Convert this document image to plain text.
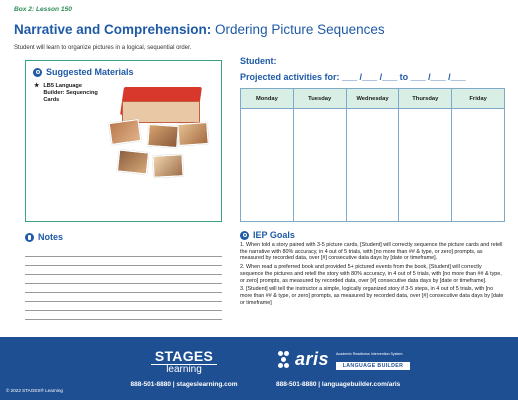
Box 2: Lesson 150
Narrative and Comprehension: Ordering Picture Sequences
Student will learn to organize pictures in a logical, sequential order.
Suggested Materials
★ LB5 Language Builder: Sequencing Cards
Student:
Projected activities for: ___ /___ /___ to ___ /___ /___
Monday	Tuesday	Wednesday	Thursday	Friday

Notes	IEP Goals

1. When told a story paired with 3-5 picture cards, [Student] will correctly sequence the picture cards and retell the narrative with 80% accuracy, in 4 out of 5 trials, with [no more than ## & type, or zero] prompts, as measured by recorded data, over [#] consecutive data days by [date or timeframe].

2. When read a preferred book and provided 5+ pictured events from the book, [Student] will correctly sequence the pictures and retell the story with 80% accuracy, in 4 out of 5 trials, with [no more than ## & type, or zero] prompts, as measured by recorded data, over [#] consecutive data days by [date or timeframe].

3. [Student] will tell the instructor a simple, logically organized story if 3-5 steps, in 4 out of 5 trials, with [no more than ## & type, or zero] prompts, as measured by recorded data, over [#] consecutive data days by [date or timeframe]

STAGES
learning
888-501-8880 | stageslearning.com
aris Academic Readiness Intervention System
LANGUAGE BUILDER
888-501-8880 | languagebuilder.com/aris
© 2022 STAGES® Learning
